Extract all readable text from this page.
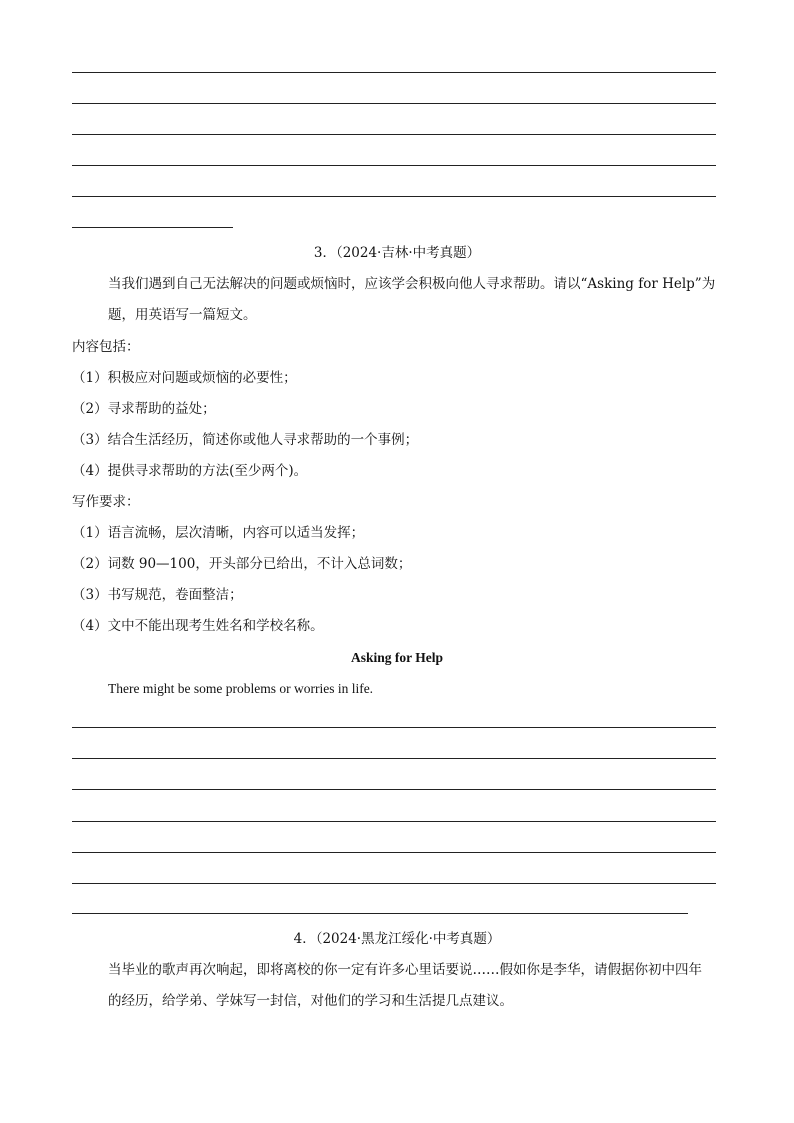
3．（2024·吉林·中考真题）
当我们遇到自己无法解决的问题或烦恼时，应该学会积极向他人寻求帮助。请以“Asking for Help”为
题，用英语写一篇短文。
内容包括：
（1）积极应对问题或烦恼的必要性；
（2）寻求帮助的益处；
（3）结合生活经历，简述你或他人寻求帮助的一个事例；
（4）提供寻求帮助的方法(至少两个)。
写作要求：
（1）语言流畅，层次清晰，内容可以适当发挥；
（2）词数 90—100，开头部分已给出，不计入总词数；
（3）书写规范，卷面整洁；
（4）文中不能出现考生姓名和学校名称。
Asking for Help
There might be some problems or worries in life.
4．（2024·黑龙江绥化·中考真题）
当毕业的歌声再次响起，即将离校的你一定有许多心里话要说……假如你是李华，请假据你初中四年
的经历，给学弟、学妹写一封信，对他们的学习和生活提几点建议。
